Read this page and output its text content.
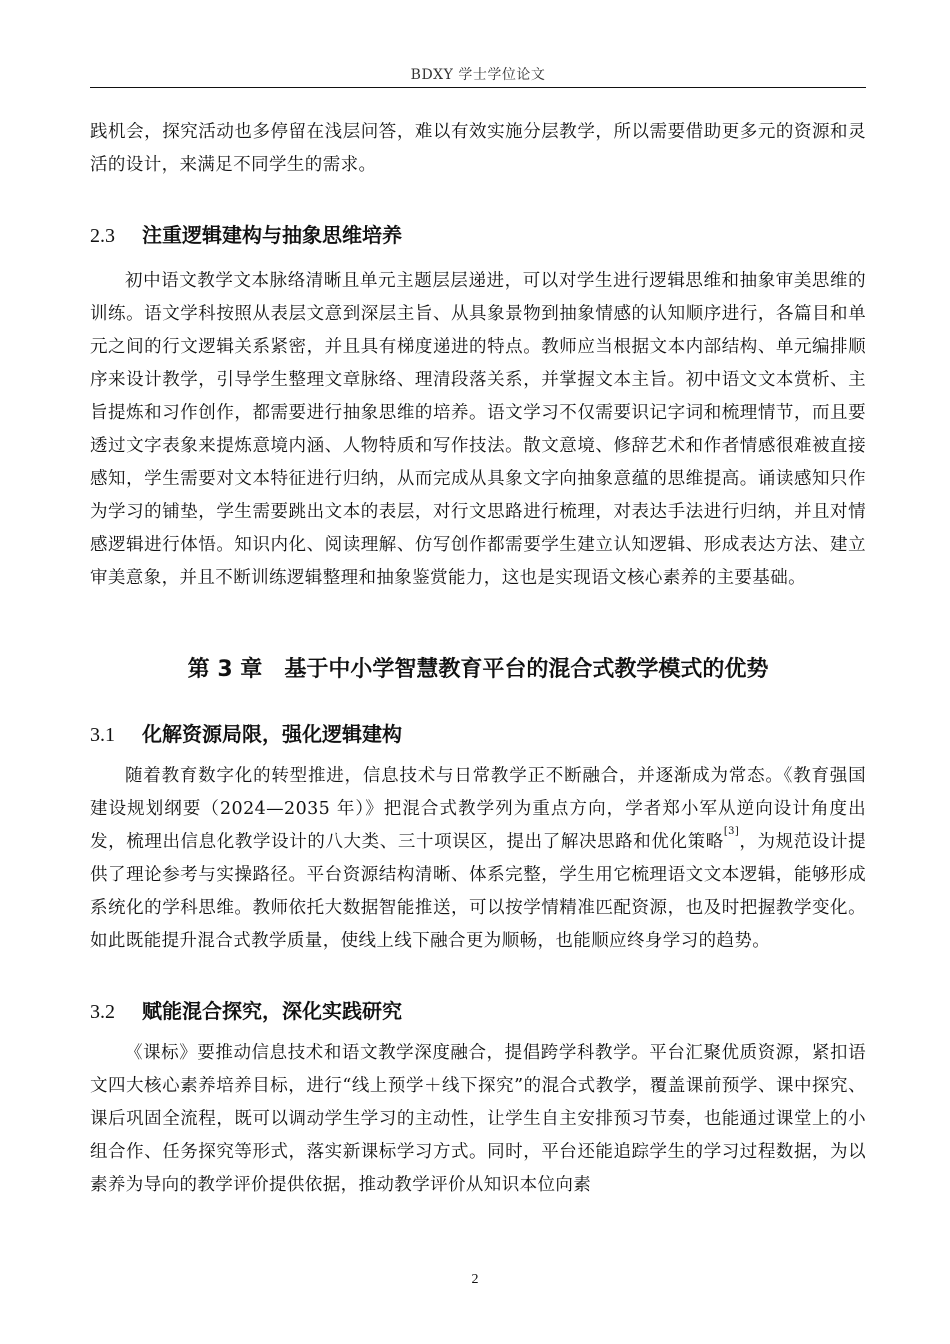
BDXY 学士学位论文

践机会，探究活动也多停留在浅层问答，难以有效实施分层教学，所以需要借助更多元的资源和灵活的设计，来满足不同学生的需求。

2.3 注重逻辑建构与抽象思维培养

初中语文教学文本脉络清晰且单元主题层层递进，可以对学生进行逻辑思维和抽象审美思维的训练。语文学科按照从表层文意到深层主旨、从具象景物到抽象情感的认知顺序进行，各篇目和单元之间的行文逻辑关系紧密，并且具有梯度递进的特点。教师应当根据文本内部结构、单元编排顺序来设计教学，引导学生整理文章脉络、理清段落关系，并掌握文本主旨。初中语文文本赏析、主旨提炼和习作创作，都需要进行抽象思维的培养。语文学习不仅需要识记字词和梳理情节，而且要透过文字表象来提炼意境内涵、人物特质和写作技法。散文意境、修辞艺术和作者情感很难被直接感知，学生需要对文本特征进行归纳，从而完成从具象文字向抽象意蕴的思维提高。诵读感知只作为学习的铺垫，学生需要跳出文本的表层，对行文思路进行梳理，对表达手法进行归纳，并且对情感逻辑进行体悟。知识内化、阅读理解、仿写创作都需要学生建立认知逻辑、形成表达方法、建立审美意象，并且不断训练逻辑整理和抽象鉴赏能力，这也是实现语文核心素养的主要基础。

第 3 章 基于中小学智慧教育平台的混合式教学模式的优势
3.1 化解资源局限，强化逻辑建构

随着教育数字化的转型推进，信息技术与日常教学正不断融合，并逐渐成为常态。《教育强国建设规划纲要（2024—2035 年）》把混合式教学列为重点方向，学者郑小军从逆向设计角度出发，梳理出信息化教学设计的八大类、三十项误区，提出了解决思路和优化策略[3]，为规范设计提供了理论参考与实操路径。平台资源结构清晰、体系完整，学生用它梳理语文文本逻辑，能够形成系统化的学科思维。教师依托大数据智能推送，可以按学情精准匹配资源，也及时把握教学变化。如此既能提升混合式教学质量，使线上线下融合更为顺畅，也能顺应终身学习的趋势。

3.2 赋能混合探究，深化实践研究

《课标》要推动信息技术和语文教学深度融合，提倡跨学科教学。平台汇聚优质资源，紧扣语文四大核心素养培养目标，进行“线上预学＋线下探究”的混合式教学，覆盖课前预学、课中探究、课后巩固全流程，既可以调动学生学习的主动性，让学生自主安排预习节奏，也能通过课堂上的小组合作、任务探究等形式，落实新课标学习方式。同时，平台还能追踪学生的学习过程数据，为以素养为导向的教学评价提供依据，推动教学评价从知识本位向素

2
